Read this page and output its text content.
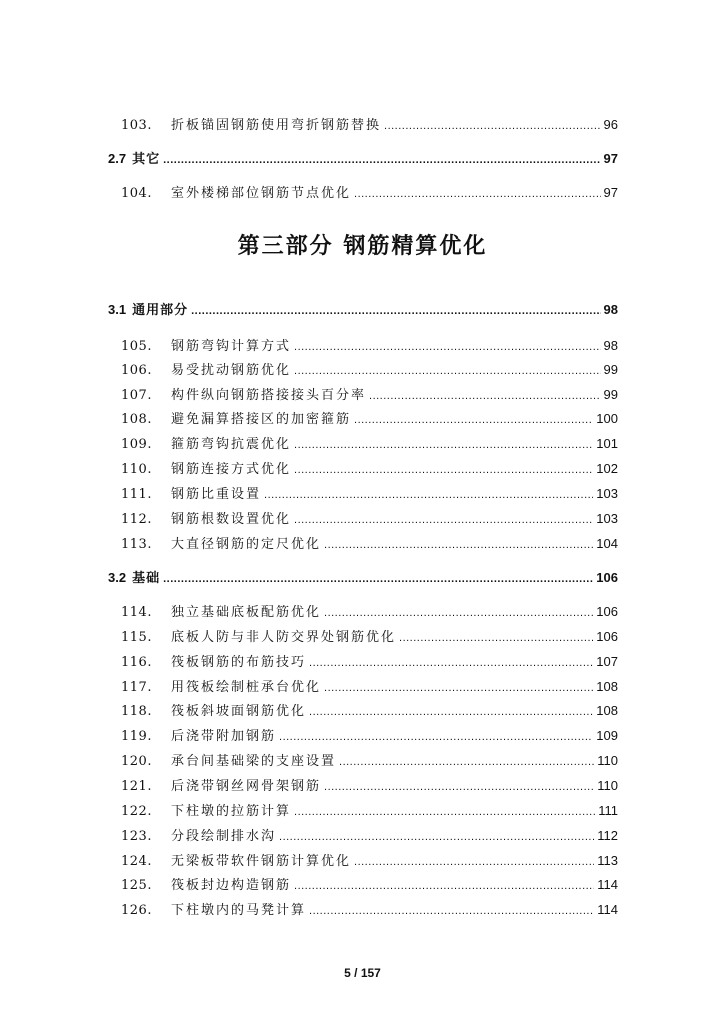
103.	折板锚固钢筋使用弯折钢筋替换 .....	96
2.7 其它 .....	97
104.	室外楼梯部位钢筋节点优化 .....	97
第三部分 钢筋精算优化
3.1 通用部分 .....	98
105.	钢筋弯钩计算方式 .....	98
106.	易受扰动钢筋优化 .....	99
107.	构件纵向钢筋搭接接头百分率 .....	99
108.	避免漏算搭接区的加密箍筋 .....	100
109.	箍筋弯钩抗震优化 .....	101
110.	钢筋连接方式优化 .....	102
111.	钢筋比重设置 .....	103
112.	钢筋根数设置优化 .....	103
113.	大直径钢筋的定尺优化 .....	104
3.2 基础 .....	106
114.	独立基础底板配筋优化 .....	106
115.	底板人防与非人防交界处钢筋优化 .....	106
116.	筏板钢筋的布筋技巧 .....	107
117.	用筏板绘制桩承台优化 .....	108
118.	筏板斜坡面钢筋优化 .....	108
119.	后浇带附加钢筋 .....	109
120.	承台间基础梁的支座设置 .....	110
121.	后浇带钢丝网骨架钢筋 .....	110
122.	下柱墩的拉筋计算 .....	111
123.	分段绘制排水沟 .....	112
124.	无梁板带软件钢筋计算优化 .....	113
125.	筏板封边构造钢筋 .....	114
126.	下柱墩内的马凳计算 .....	114
5 / 157
